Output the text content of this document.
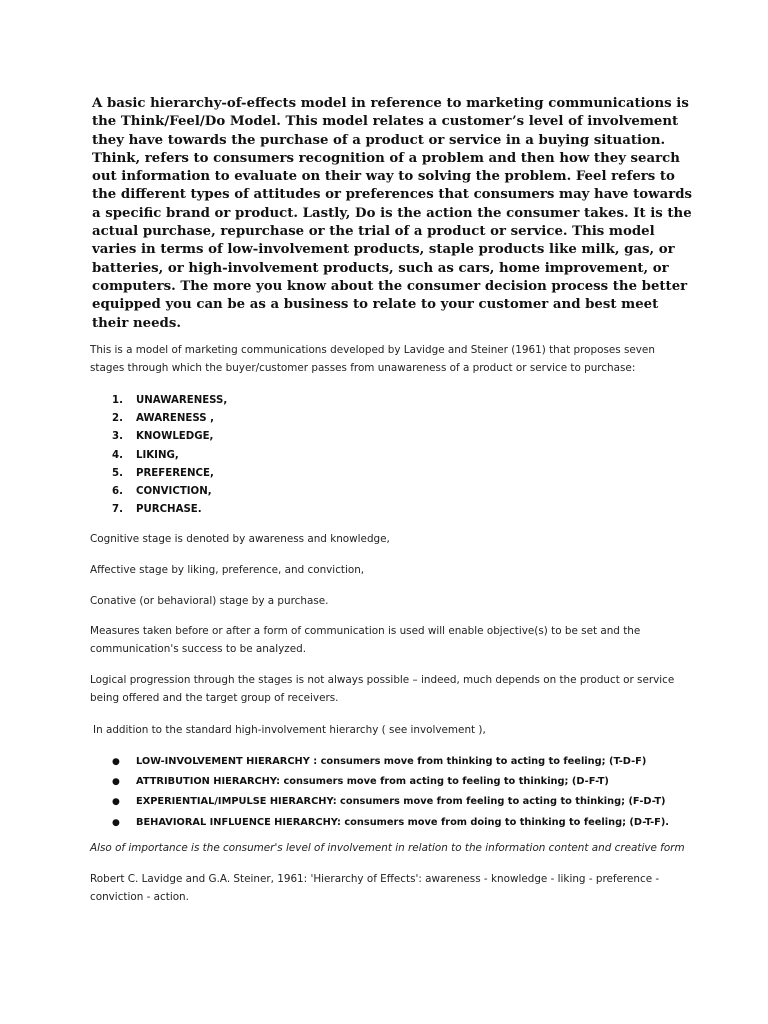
A basic hierarchy-of-effects model in reference to marketing communications is the Think/Feel/Do Model. This model relates a customer’s level of involvement they have towards the purchase of a product or service in a buying situation. Think, refers to consumers recognition of a problem and then how they search out information to evaluate on their way to solving the problem. Feel refers to the different types of attitudes or preferences that consumers may have towards a specific brand or product. Lastly, Do is the action the consumer takes. It is the actual purchase, repurchase or the trial of a product or service. This model varies in terms of low-involvement products, staple products like milk, gas, or batteries, or high-involvement products, such as cars, home improvement, or computers. The more you know about the consumer decision process the better equipped you can be as a business to relate to your customer and best meet their needs.

This is a model of marketing communications developed by Lavidge and Steiner (1961) that proposes seven stages through which the buyer/customer passes from unawareness of a product or service to purchase:

1.	UNAWARENESS,
2.	AWARENESS ,
3.	KNOWLEDGE,
4.	LIKING,
5.	PREFERENCE,
6.	CONVICTION,
7.	PURCHASE.

Cognitive stage is denoted by awareness and knowledge,

Affective stage by liking, preference, and conviction,

Conative (or behavioral) stage by a purchase.

Measures taken before or after a form of communication is used will enable objective(s) to be set and the communication's success to be analyzed.

Logical progression through the stages is not always possible – indeed, much depends on the product or service being offered and the target group of receivers.

In addition to the standard high-involvement hierarchy ( see involvement ),

●	LOW-INVOLVEMENT HIERARCHY : consumers move from thinking to acting to feeling; (T-D-F)
●	ATTRIBUTION HIERARCHY: consumers move from acting to feeling to thinking; (D-F-T)
●	EXPERIENTIAL/IMPULSE HIERARCHY: consumers move from feeling to acting to thinking; (F-D-T)
●	BEHAVIORAL INFLUENCE HIERARCHY: consumers move from doing to thinking to feeling; (D-T-F).

Also of importance is the consumer's level of involvement in relation to the information content and creative form

Robert C. Lavidge and G.A. Steiner, 1961: 'Hierarchy of Effects': awareness - knowledge - liking - preference - conviction - action.
